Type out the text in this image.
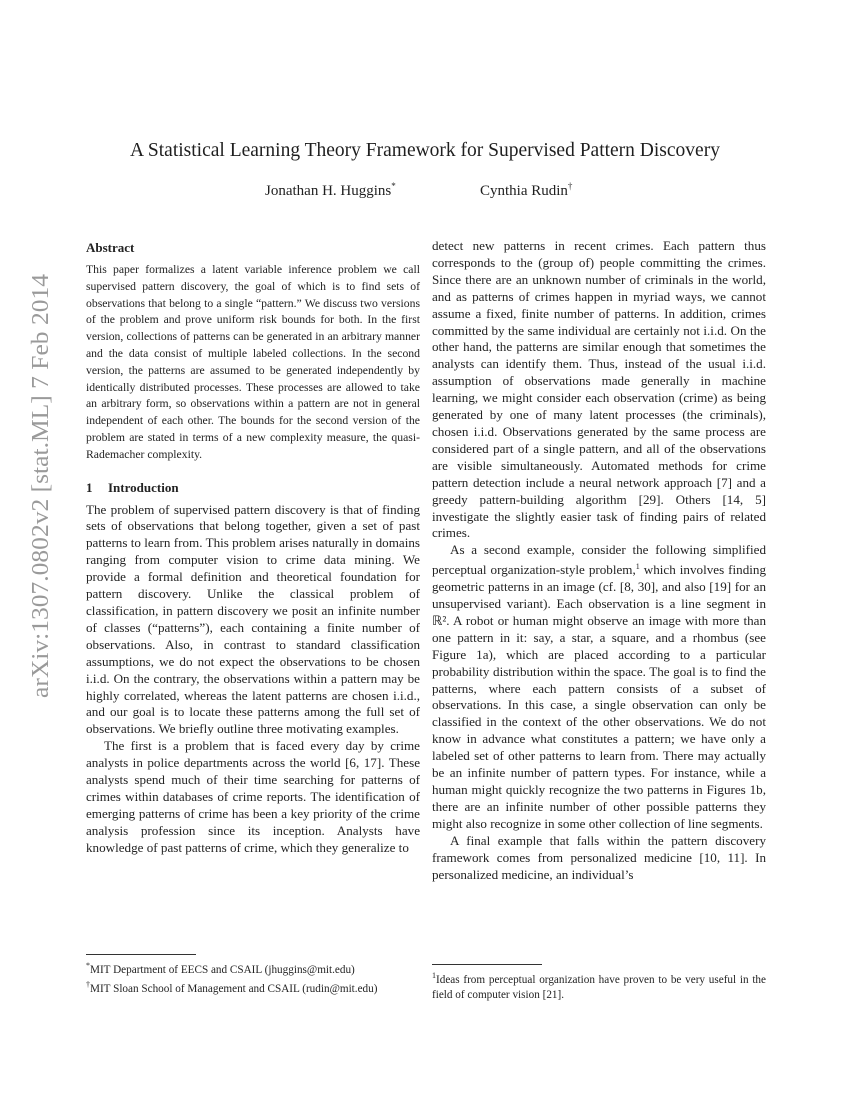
arXiv:1307.0802v2 [stat.ML] 7 Feb 2014
A Statistical Learning Theory Framework for Supervised Pattern Discovery
Jonathan H. Huggins*	Cynthia Rudin†
Abstract

This paper formalizes a latent variable inference problem we call supervised pattern discovery, the goal of which is to find sets of observations that belong to a single “pattern.” We discuss two versions of the problem and prove uniform risk bounds for both. In the first version, collections of patterns can be generated in an arbitrary manner and the data consist of multiple labeled collections. In the second version, the patterns are assumed to be generated independently by identically distributed processes. These processes are allowed to take an arbitrary form, so observations within a pattern are not in general independent of each other. The bounds for the second version of the problem are stated in terms of a new complexity measure, the quasi-Rademacher complexity.

1 Introduction

The problem of supervised pattern discovery is that of finding sets of observations that belong together, given a set of past patterns to learn from. This problem arises naturally in domains ranging from computer vision to crime data mining. We provide a formal definition and theoretical foundation for pattern discovery. Unlike the classical problem of classification, in pattern discovery we posit an infinite number of classes (“patterns”), each containing a finite number of observations. Also, in contrast to standard classification assumptions, we do not expect the observations to be chosen i.i.d. On the contrary, the observations within a pattern may be highly correlated, whereas the latent patterns are chosen i.i.d., and our goal is to locate these patterns among the full set of observations. We briefly outline three motivating examples.

The first is a problem that is faced every day by crime analysts in police departments across the world [6, 17]. These analysts spend much of their time searching for patterns of crimes within databases of crime reports. The identification of emerging patterns of crime has been a key priority of the crime analysis profession since its inception. Analysts have knowledge of past patterns of crime, which they generalize to

detect new patterns in recent crimes. Each pattern thus corresponds to the (group of) people committing the crimes. Since there are an unknown number of criminals in the world, and as patterns of crimes happen in myriad ways, we cannot assume a fixed, finite number of patterns. In addition, crimes committed by the same individual are certainly not i.i.d. On the other hand, the patterns are similar enough that sometimes the analysts can identify them. Thus, instead of the usual i.i.d. assumption of observations made generally in machine learning, we might consider each observation (crime) as being generated by one of many latent processes (the criminals), chosen i.i.d. Observations generated by the same process are considered part of a single pattern, and all of the observations are visible simultaneously. Automated methods for crime pattern detection include a neural network approach [7] and a greedy pattern-building algorithm [29]. Others [14, 5] investigate the slightly easier task of finding pairs of related crimes.

As a second example, consider the following simplified perceptual organization-style problem,$^1$ which involves finding geometric patterns in an image (cf. [8, 30], and also [19] for an unsupervised variant). Each observation is a line segment in ℝ². A robot or human might observe an image with more than one pattern in it: say, a star, a square, and a rhombus (see Figure 1a), which are placed according to a particular probability distribution within the space. The goal is to find the patterns, where each pattern consists of a subset of observations. In this case, a single observation can only be classified in the context of the other observations. We do not know in advance what constitutes a pattern; we have only a labeled set of other patterns to learn from. There may actually be an infinite number of pattern types. For instance, while a human might quickly recognize the two patterns in Figures 1b, there are an infinite number of other possible patterns they might also recognize in some other collection of line segments.

A final example that falls within the pattern discovery framework comes from personalized medicine [10, 11]. In personalized medicine, an individual’s

*MIT Department of EECS and CSAIL (jhuggins@mit.edu)

†MIT Sloan School of Management and CSAIL (rudin@mit.edu)

$^1$Ideas from perceptual organization have proven to be very useful in the field of computer vision [21].
